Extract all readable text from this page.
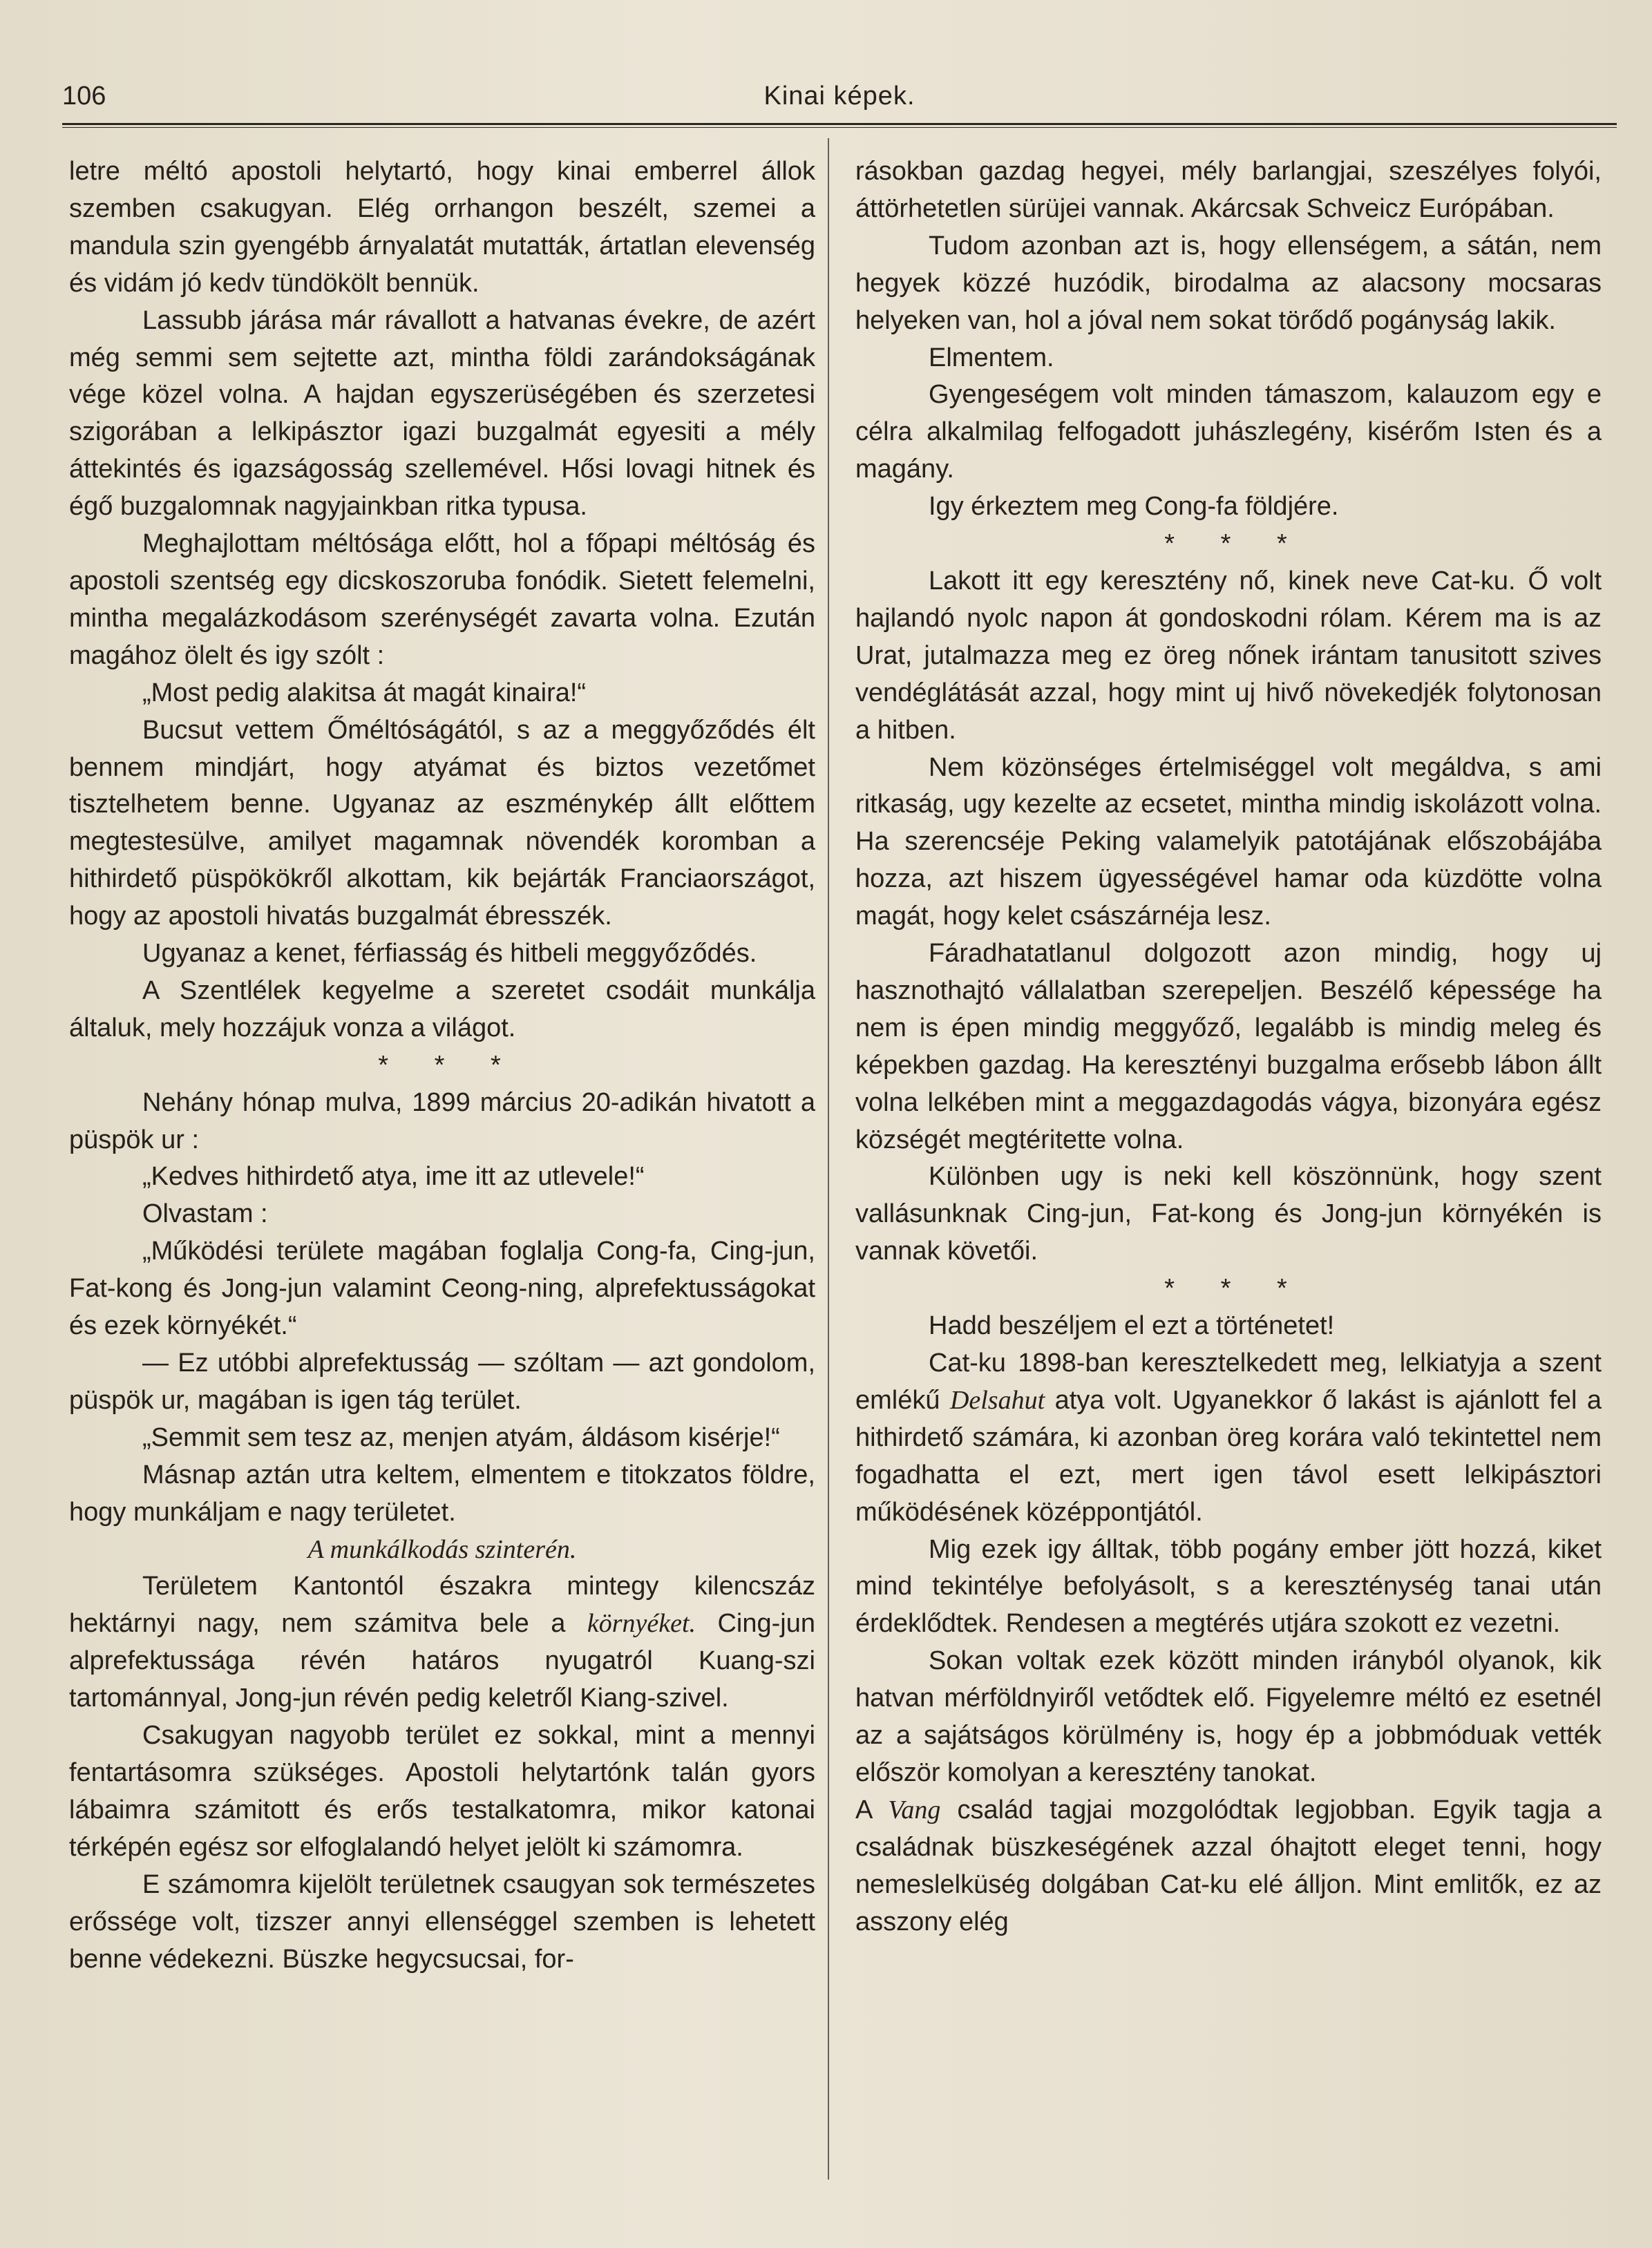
106	Kinai képek.

letre méltó apostoli helytartó, hogy kinai emberrel állok szemben csakugyan. Elég orrhangon beszélt, szemei a mandula szin gyengébb árnyalatát mutatták, ártatlan elevenség és vidám jó kedv tündökölt bennük.

Lassubb járása már rávallott a hatvanas évekre, de azért még semmi sem sejtette azt, mintha földi zarándokságának vége közel volna. A hajdan egyszerüségében és szerzetesi szigorában a lelkipásztor igazi buzgalmát egyesiti a mély áttekintés és igazságosság szellemével. Hősi lovagi hitnek és égő buzgalomnak nagyjainkban ritka typusa.

Meghajlottam méltósága előtt, hol a főpapi méltóság és apostoli szentség egy dicskoszoruba fonódik. Sietett felemelni, mintha megalázkodásom szerénységét zavarta volna. Ezután magához ölelt és igy szólt :

„Most pedig alakitsa át magát kinaira!“

Bucsut vettem Őméltóságától, s az a meggyőződés élt bennem mindjárt, hogy atyámat és biztos vezetőmet tisztelhetem benne. Ugyanaz az eszménykép állt előttem megtestesülve, amilyet magamnak növendék koromban a hithirdető püspökökről alkottam, kik bejárták Franciaországot, hogy az apostoli hivatás buzgalmát ébresszék.

Ugyanaz a kenet, férfiasság és hitbeli meggyőződés.

A Szentlélek kegyelme a szeretet csodáit munkálja általuk, mely hozzájuk vonza a világot.

* * *

Nehány hónap mulva, 1899 március 20-adikán hivatott a püspök ur :

„Kedves hithirdető atya, ime itt az utlevele!“

Olvastam :

„Működési területe magában foglalja Cong-fa, Cing-jun, Fat-kong és Jong-jun valamint Ceong-ning, alprefektusságokat és ezek környékét.“

— Ez utóbbi alprefektusság — szóltam — azt gondolom, püspök ur, magában is igen tág terület.

„Semmit sem tesz az, menjen atyám, áldásom kisérje!“

Másnap aztán utra keltem, elmentem e titokzatos földre, hogy munkáljam e nagy területet.

A munkálkodás szinterén.

Területem Kantontól északra mintegy kilencszáz hektárnyi nagy, nem számitva bele a környéket. Cing-jun alprefektussága révén határos nyugatról Kuang-szi tartománnyal, Jong-jun révén pedig keletről Kiang-szivel.

Csakugyan nagyobb terület ez sokkal, mint a mennyi fentartásomra szükséges. Apostoli helytartónk talán gyors lábaimra számitott és erős testalkatomra, mikor katonai térképén egész sor elfoglalandó helyet jelölt ki számomra.

E számomra kijelölt területnek csaugyan sok természetes erőssége volt, tizszer annyi ellenséggel szemben is lehetett benne védekezni. Büszke hegycsucsai, for-

rásokban gazdag hegyei, mély barlangjai, szeszélyes folyói, áttörhetetlen sürüjei vannak. Akárcsak Schveicz Európában.

Tudom azonban azt is, hogy ellenségem, a sátán, nem hegyek közzé huzódik, birodalma az alacsony mocsaras helyeken van, hol a jóval nem sokat törődő pogányság lakik.

Elmentem.

Gyengeségem volt minden támaszom, kalauzom egy e célra alkalmilag felfogadott juhászlegény, kisérőm Isten és a magány.

Igy érkeztem meg Cong-fa földjére.

* * *

Lakott itt egy keresztény nő, kinek neve Cat-ku. Ő volt hajlandó nyolc napon át gondoskodni rólam. Kérem ma is az Urat, jutalmazza meg ez öreg nőnek irántam tanusitott szives vendéglátását azzal, hogy mint uj hivő növekedjék folytonosan a hitben.

Nem közönséges értelmiséggel volt megáldva, s ami ritkaság, ugy kezelte az ecsetet, mintha mindig iskolázott volna. Ha szerencséje Peking valamelyik patotájának előszobájába hozza, azt hiszem ügyességével hamar oda küzdötte volna magát, hogy kelet császárnéja lesz.

Fáradhatatlanul dolgozott azon mindig, hogy uj hasznothajtó vállalatban szerepeljen. Beszélő képessége ha nem is épen mindig meggyőző, legalább is mindig meleg és képekben gazdag. Ha keresztényi buzgalma erősebb lábon állt volna lelkében mint a meggazdagodás vágya, bizonyára egész községét megtéritette volna.

Különben ugy is neki kell köszönnünk, hogy szent vallásunknak Cing-jun, Fat-kong és Jong-jun környékén is vannak követői.

* * *

Hadd beszéljem el ezt a történetet!

Cat-ku 1898-ban keresztelkedett meg, lelkiatyja a szent emlékű Delsahut atya volt. Ugyanekkor ő lakást is ajánlott fel a hithirdető számára, ki azonban öreg korára való tekintettel nem fogadhatta el ezt, mert igen távol esett lelkipásztori működésének középpontjától.

Mig ezek igy álltak, több pogány ember jött hozzá, kiket mind tekintélye befolyásolt, s a kereszténység tanai után érdeklődtek. Rendesen a megtérés utjára szokott ez vezetni.

Sokan voltak ezek között minden irányból olyanok, kik hatvan mérföldnyiről vetődtek elő. Figyelemre méltó ez esetnél az a sajátságos körülmény is, hogy ép a jobbmóduak vették először komolyan a keresztény tanokat.

A Vang család tagjai mozgolódtak legjobban. Egyik tagja a családnak büszkeségének azzal óhajtott eleget tenni, hogy nemeslelküség dolgában Cat-ku elé álljon. Mint emlitők, ez az asszony elég
